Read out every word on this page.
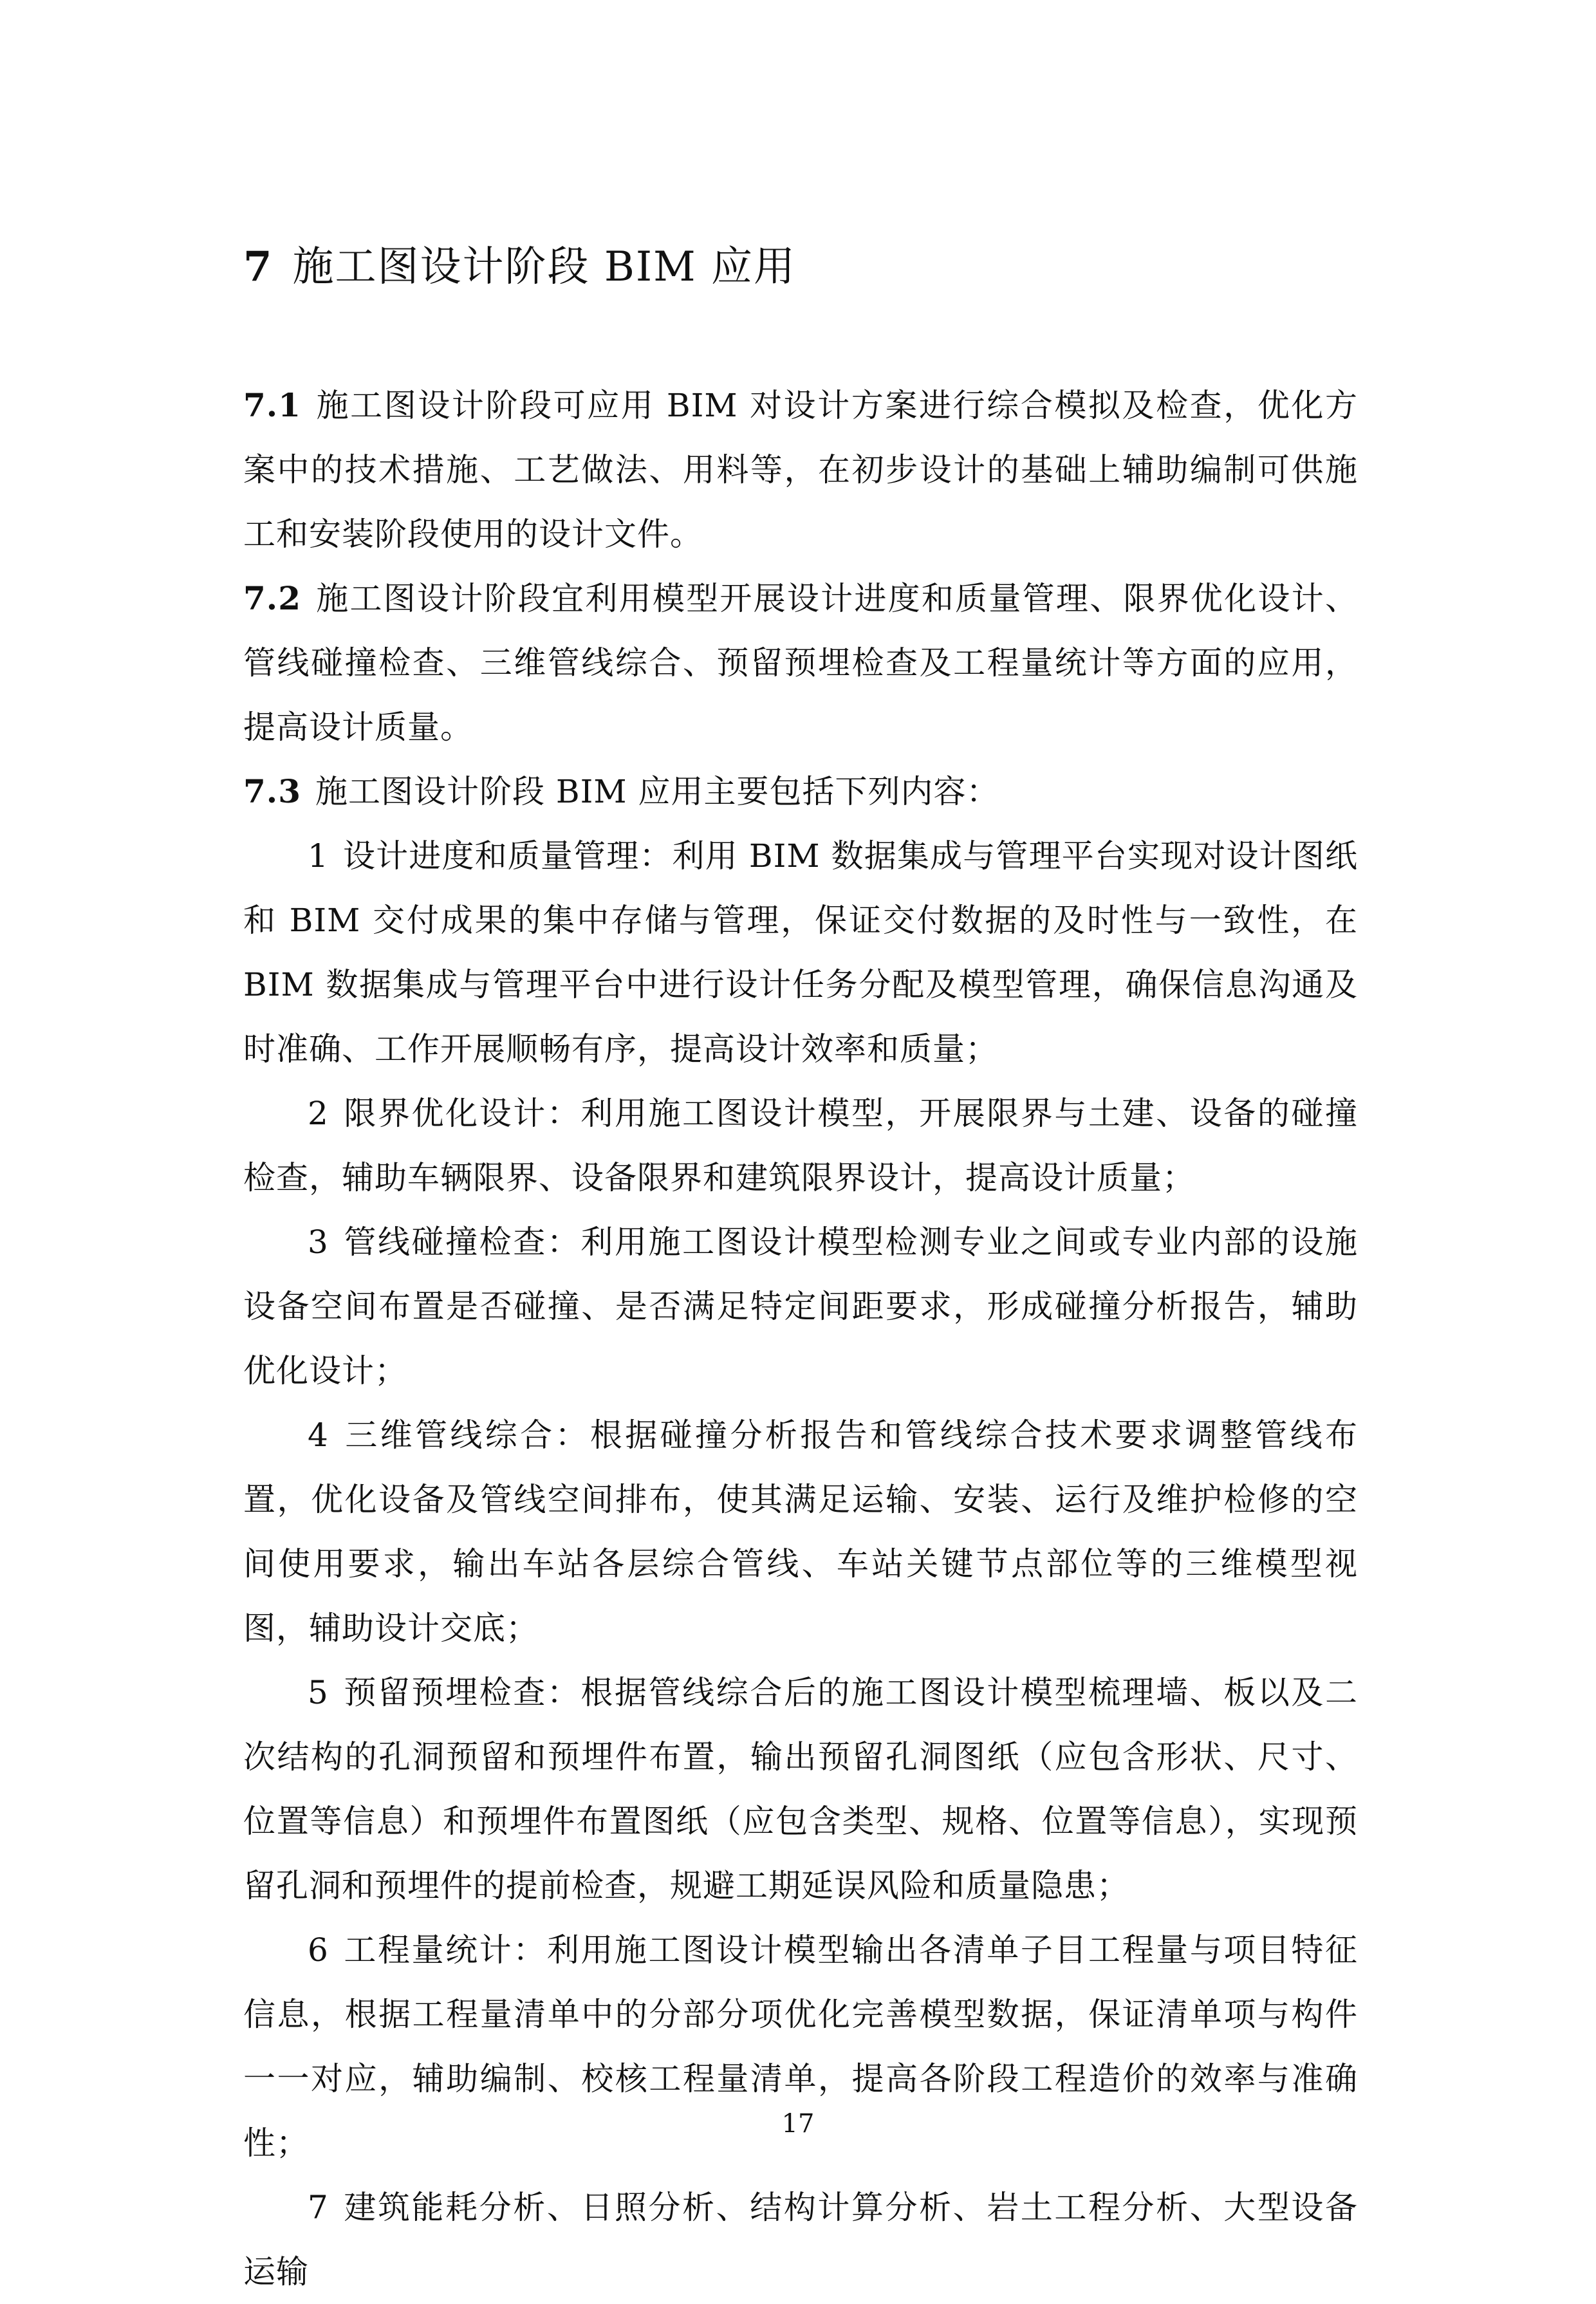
7 施工图设计阶段 BIM 应用

7.1 施工图设计阶段可应用 BIM 对设计方案进行综合模拟及检查，优化方案中的技术措施、工艺做法、用料等，在初步设计的基础上辅助编制可供施工和安装阶段使用的设计文件。

7.2 施工图设计阶段宜利用模型开展设计进度和质量管理、限界优化设计、管线碰撞检查、三维管线综合、预留预埋检查及工程量统计等方面的应用，提高设计质量。

7.3 施工图设计阶段 BIM 应用主要包括下列内容：

1 设计进度和质量管理：利用 BIM 数据集成与管理平台实现对设计图纸和 BIM 交付成果的集中存储与管理，保证交付数据的及时性与一致性，在 BIM 数据集成与管理平台中进行设计任务分配及模型管理，确保信息沟通及时准确、工作开展顺畅有序，提高设计效率和质量；

2 限界优化设计：利用施工图设计模型，开展限界与土建、设备的碰撞检查，辅助车辆限界、设备限界和建筑限界设计，提高设计质量；

3 管线碰撞检查：利用施工图设计模型检测专业之间或专业内部的设施设备空间布置是否碰撞、是否满足特定间距要求，形成碰撞分析报告，辅助优化设计；

4 三维管线综合：根据碰撞分析报告和管线综合技术要求调整管线布置，优化设备及管线空间排布，使其满足运输、安装、运行及维护检修的空间使用要求，输出车站各层综合管线、车站关键节点部位等的三维模型视图，辅助设计交底；

5 预留预埋检查：根据管线综合后的施工图设计模型梳理墙、板以及二次结构的孔洞预留和预埋件布置，输出预留孔洞图纸（应包含形状、尺寸、位置等信息）和预埋件布置图纸（应包含类型、规格、位置等信息），实现预留孔洞和预埋件的提前检查，规避工期延误风险和质量隐患；

6 工程量统计：利用施工图设计模型输出各清单子目工程量与项目特征信息，根据工程量清单中的分部分项优化完善模型数据，保证清单项与构件一一对应，辅助编制、校核工程量清单，提高各阶段工程造价的效率与准确性；

7 建筑能耗分析、日照分析、结构计算分析、岩土工程分析、大型设备运输

17
